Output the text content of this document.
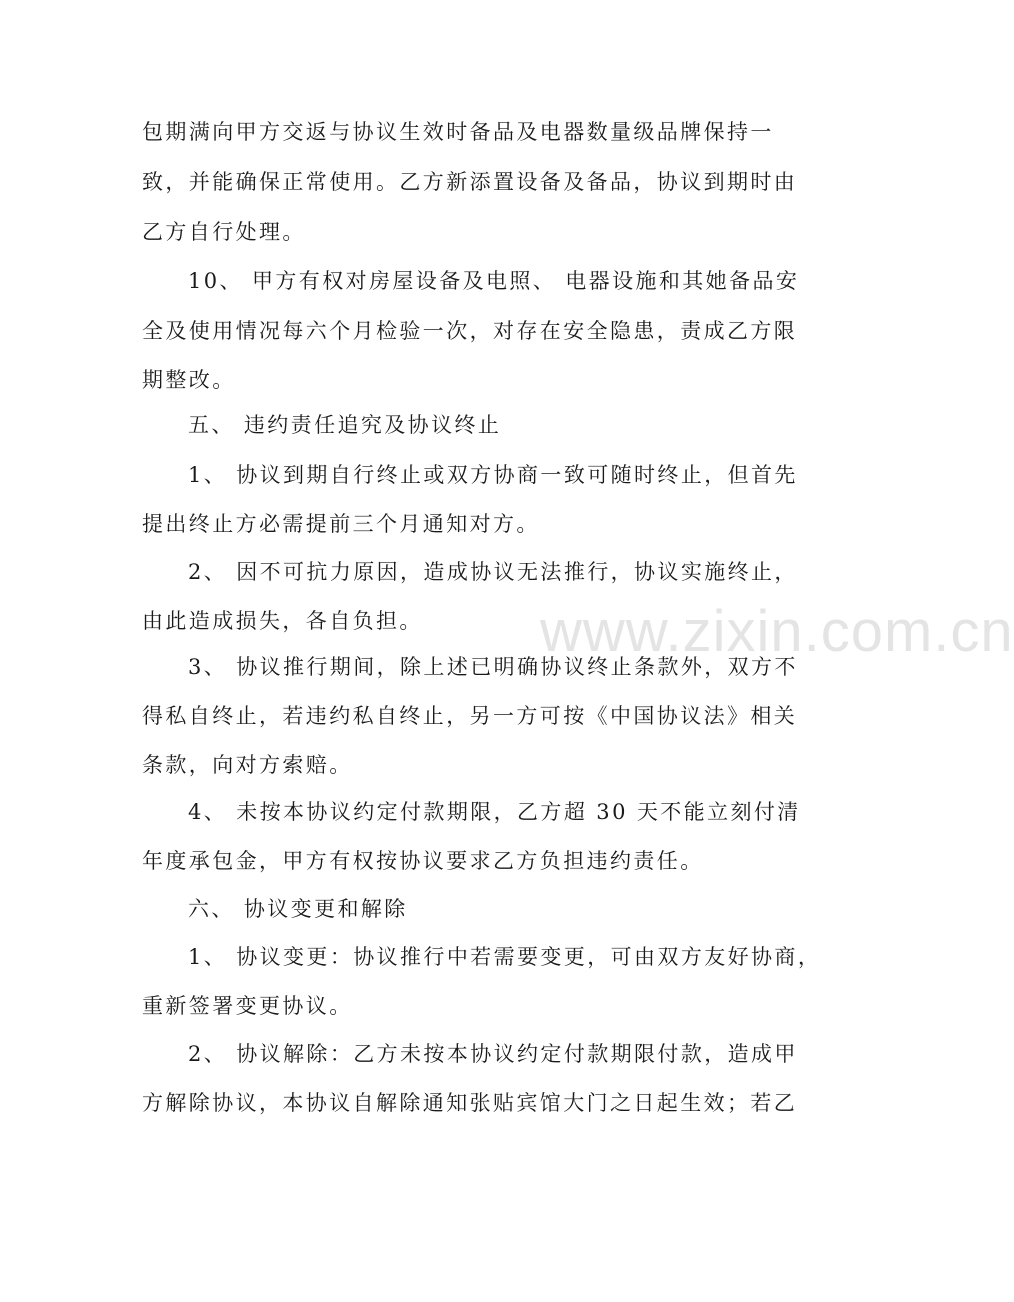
包期满向甲方交返与协议生效时备品及电器数量级品牌保持一
致，并能确保正常使用。乙方新添置设备及备品，协议到期时由
乙方自行处理。
10、 甲方有权对房屋设备及电照、 电器设施和其她备品安
全及使用情况每六个月检验一次，对存在安全隐患，责成乙方限
期整改。
五、 违约责任追究及协议终止
1、 协议到期自行终止或双方协商一致可随时终止，但首先
提出终止方必需提前三个月通知对方。
2、 因不可抗力原因，造成协议无法推行，协议实施终止，
由此造成损失，各自负担。
3、 协议推行期间，除上述已明确协议终止条款外，双方不
得私自终止，若违约私自终止，另一方可按《中国协议法》相关
条款，向对方索赔。
4、 未按本协议约定付款期限，乙方超 30 天不能立刻付清
年度承包金，甲方有权按协议要求乙方负担违约责任。
六、 协议变更和解除
1、 协议变更：协议推行中若需要变更，可由双方友好协商，
重新签署变更协议。
2、 协议解除：乙方未按本协议约定付款期限付款，造成甲
方解除协议，本协议自解除通知张贴宾馆大门之日起生效；若乙
www.zixin.com.cn
